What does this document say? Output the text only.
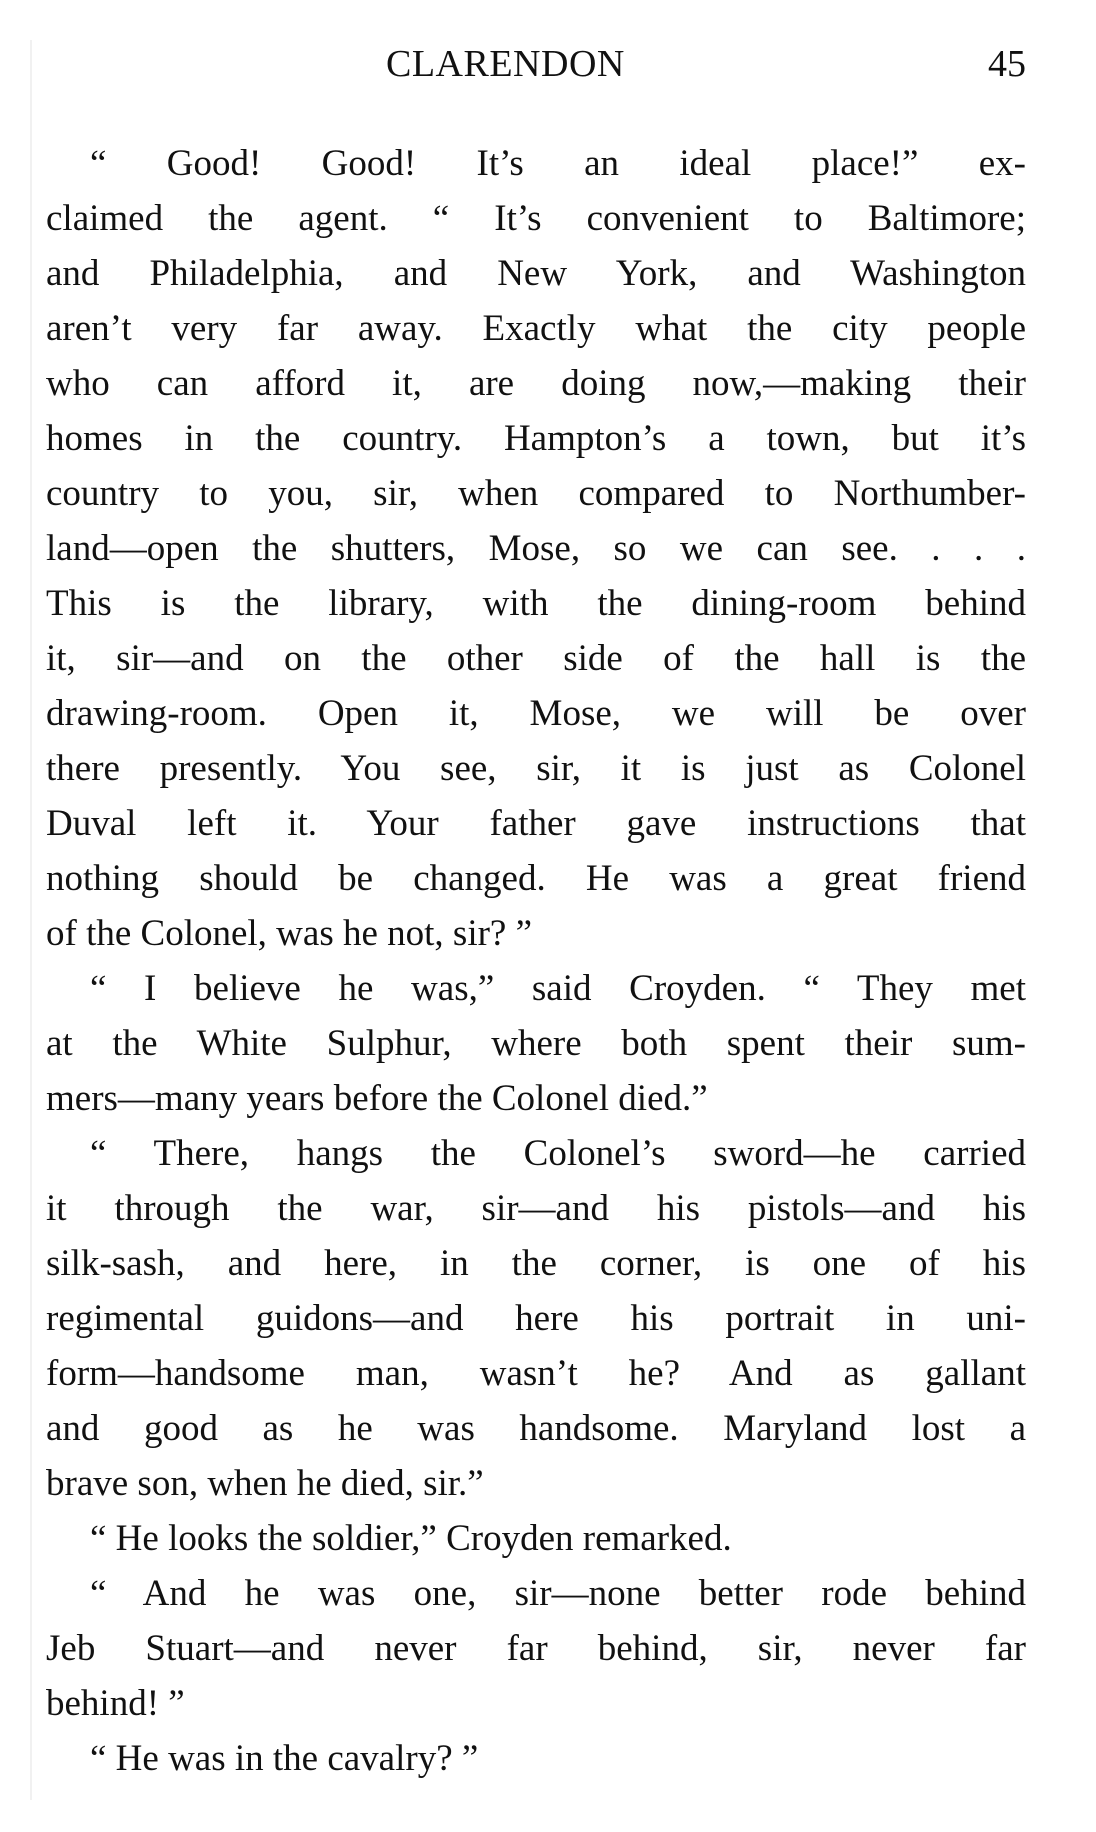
CLARENDON	45
“ Good! Good! It’s an ideal place!” ex-
claimed the agent. “ It’s convenient to Baltimore;
and Philadelphia, and New York, and Washington
aren’t very far away. Exactly what the city people
who can afford it, are doing now,—making their
homes in the country. Hampton’s a town, but it’s
country to you, sir, when compared to Northumber-
land—open the shutters, Mose, so we can see. . . .
This is the library, with the dining-room behind
it, sir—and on the other side of the hall is the
drawing-room. Open it, Mose, we will be over
there presently. You see, sir, it is just as Colonel
Duval left it. Your father gave instructions that
nothing should be changed. He was a great friend
of the Colonel, was he not, sir? ”
“ I believe he was,” said Croyden. “ They met
at the White Sulphur, where both spent their sum-
mers—many years before the Colonel died.”
“ There, hangs the Colonel’s sword—he carried
it through the war, sir—and his pistols—and his
silk-sash, and here, in the corner, is one of his
regimental guidons—and here his portrait in uni-
form—handsome man, wasn’t he? And as gallant
and good as he was handsome. Maryland lost a
brave son, when he died, sir.”
“ He looks the soldier,” Croyden remarked.
“ And he was one, sir—none better rode behind
Jeb Stuart—and never far behind, sir, never far
behind! ”
“ He was in the cavalry? ”
